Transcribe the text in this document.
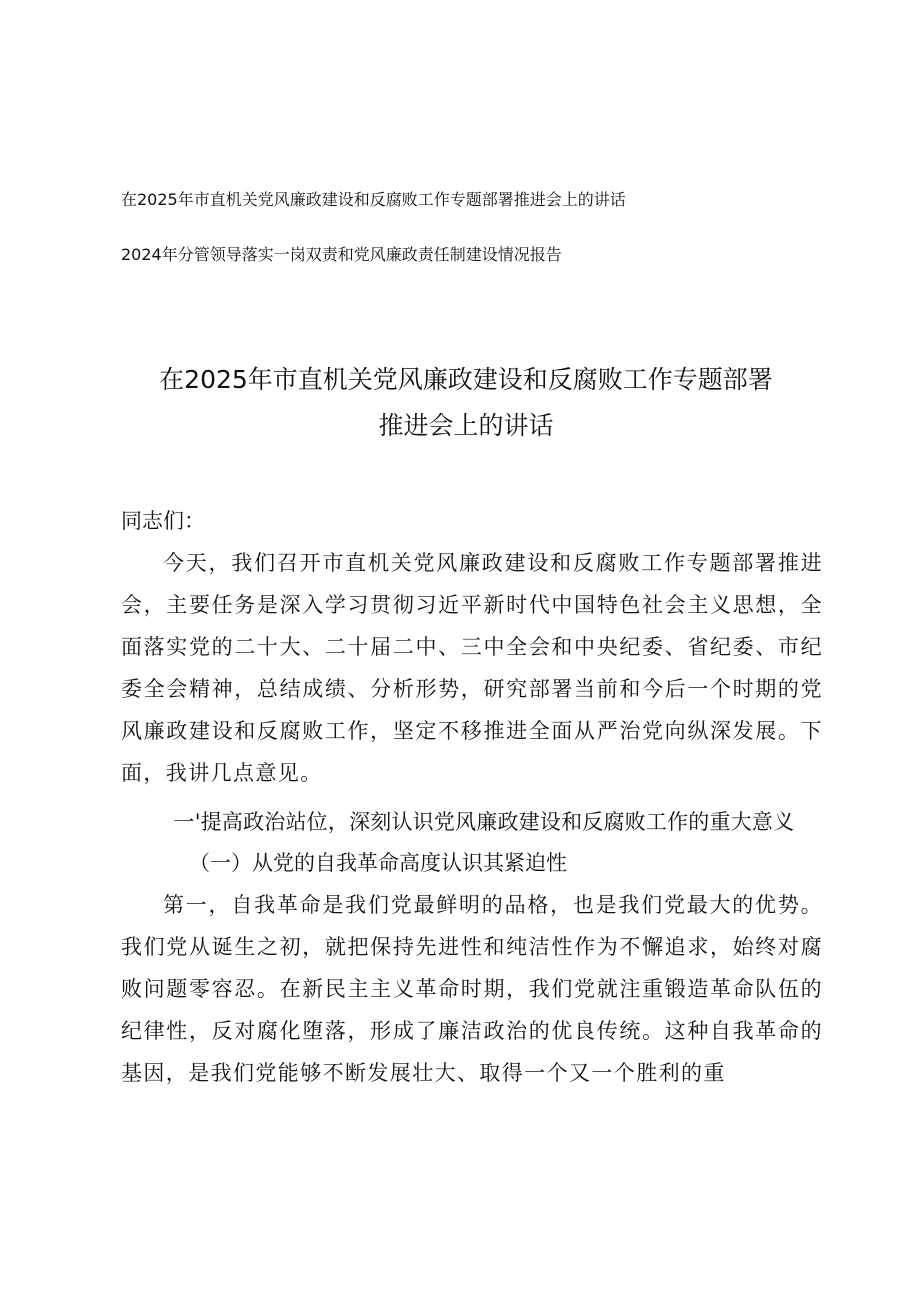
在2025年市直机关党风廉政建设和反腐败工作专题部署推进会上的讲话
2024年分管领导落实一岗双责和党风廉政责任制建设情况报告
在2025年市直机关党风廉政建设和反腐败工作专题部署
推进会上的讲话

同志们：

今天，我们召开市直机关党风廉政建设和反腐败工作专题部署推进会，主要任务是深入学习贯彻习近平新时代中国特色社会主义思想，全面落实党的二十大、二十届二中、三中全会和中央纪委、省纪委、市纪委全会精神，总结成绩、分析形势，研究部署当前和今后一个时期的党风廉政建设和反腐败工作，坚定不移推进全面从严治党向纵深发展。下面，我讲几点意见。

一'提高政治站位，深刻认识党风廉政建设和反腐败工作的重大意义

（一）从党的自我革命高度认识其紧迫性

第一，自我革命是我们党最鲜明的品格，也是我们党最大的优势。我们党从诞生之初，就把保持先进性和纯洁性作为不懈追求，始终对腐败问题零容忍。在新民主主义革命时期，我们党就注重锻造革命队伍的纪律性，反对腐化堕落，形成了廉洁政治的优良传统。这种自我革命的基因，是我们党能够不断发展壮大、取得一个又一个胜利的重
